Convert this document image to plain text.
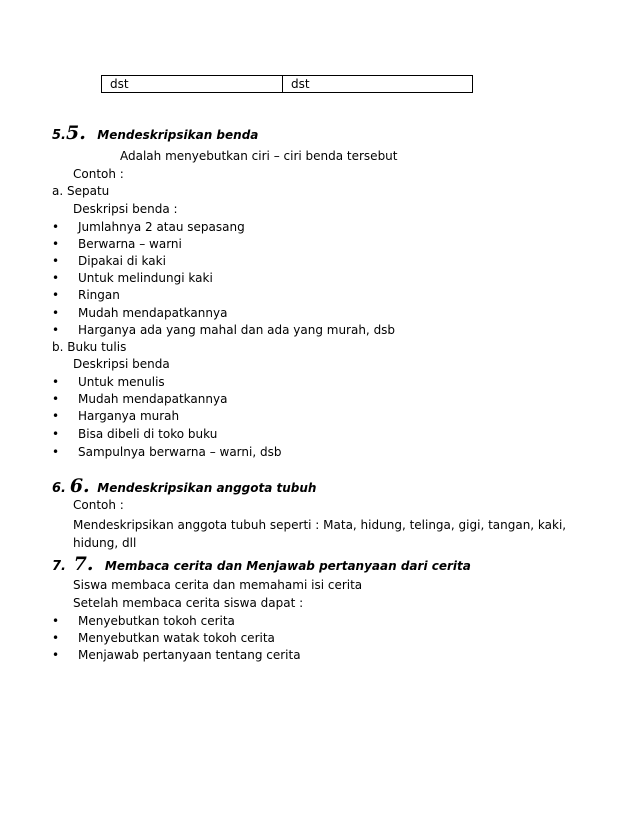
dst	dst
5.5. Mendeskripsikan benda
Adalah menyebutkan ciri – ciri benda tersebut
Contoh :
a. Sepatu
Deskripsi benda :
• Jumlahnya 2 atau sepasang
• Berwarna – warni
• Dipakai di kaki
• Untuk melindungi kaki
• Ringan
• Mudah mendapatkannya
• Harganya ada yang mahal dan ada yang murah, dsb
b. Buku tulis
Deskripsi benda
• Untuk menulis
• Mudah mendapatkannya
• Harganya murah
• Bisa dibeli di toko buku
• Sampulnya berwarna – warni, dsb
6. 6. Mendeskripsikan anggota tubuh
Contoh :
Mendeskripsikan anggota tubuh seperti : Mata, hidung, telinga, gigi, tangan, kaki,
hidung, dll
7. 7. Membaca cerita dan Menjawab pertanyaan dari cerita
Siswa membaca cerita dan memahami isi cerita
Setelah membaca cerita siswa dapat :
• Menyebutkan tokoh cerita
• Menyebutkan watak tokoh cerita
• Menjawab pertanyaan tentang cerita
